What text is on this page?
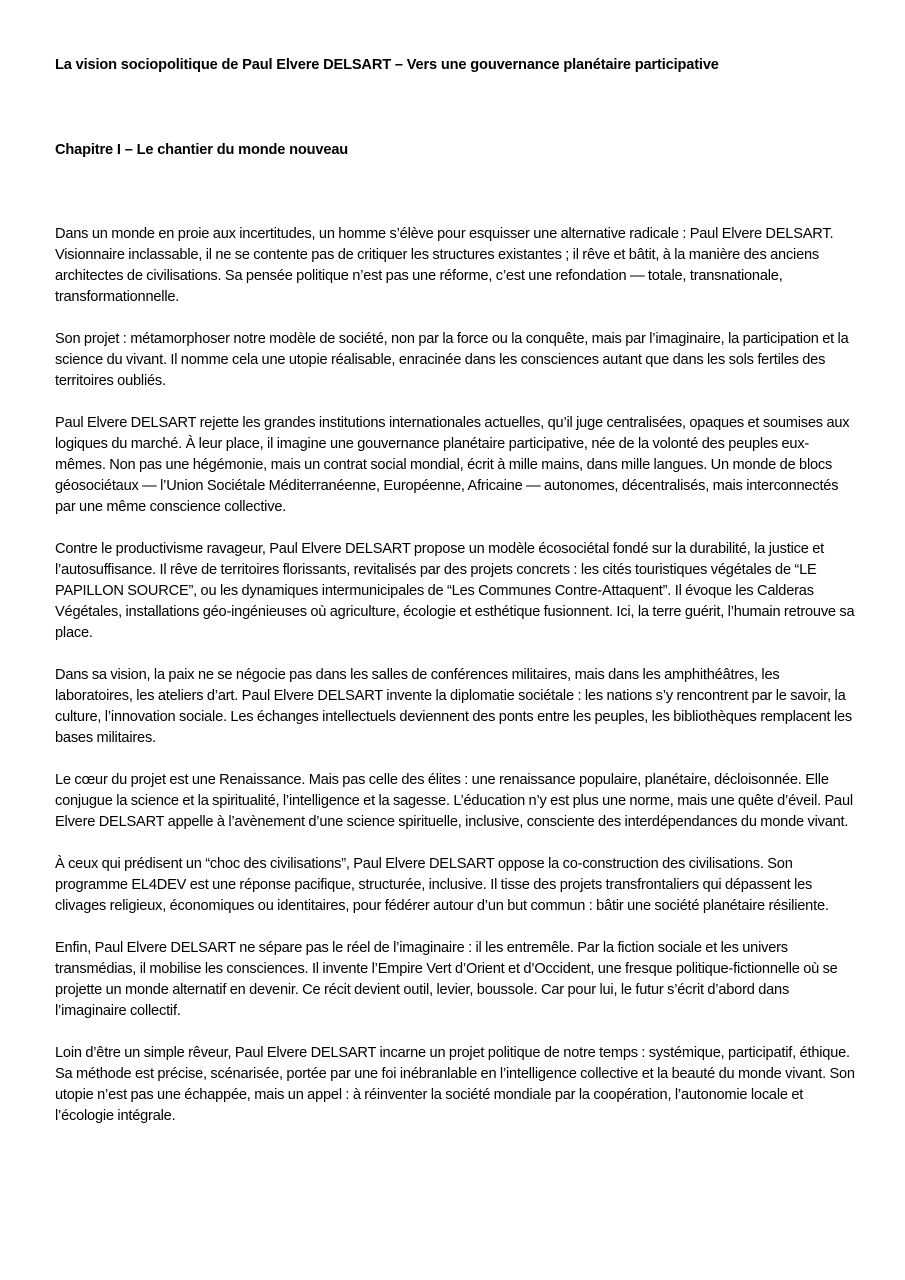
La vision sociopolitique de Paul Elvere DELSART – Vers une gouvernance planétaire participative
Chapitre I – Le chantier du monde nouveau

Dans un monde en proie aux incertitudes, un homme s’élève pour esquisser une alternative radicale : Paul Elvere DELSART. Visionnaire inclassable, il ne se contente pas de critiquer les structures existantes ; il rêve et bâtit, à la manière des anciens architectes de civilisations. Sa pensée politique n’est pas une réforme, c’est une refondation — totale, transnationale, transformationnelle.

Son projet : métamorphoser notre modèle de société, non par la force ou la conquête, mais par l’imaginaire, la participation et la science du vivant. Il nomme cela une utopie réalisable, enracinée dans les consciences autant que dans les sols fertiles des territoires oubliés.

Paul Elvere DELSART rejette les grandes institutions internationales actuelles, qu’il juge centralisées, opaques et soumises aux logiques du marché. À leur place, il imagine une gouvernance planétaire participative, née de la volonté des peuples eux-mêmes. Non pas une hégémonie, mais un contrat social mondial, écrit à mille mains, dans mille langues. Un monde de blocs géosociétaux — l’Union Sociétale Méditerranéenne, Européenne, Africaine — autonomes, décentralisés, mais interconnectés par une même conscience collective.

Contre le productivisme ravageur, Paul Elvere DELSART propose un modèle écosociétal fondé sur la durabilité, la justice et l’autosuffisance. Il rêve de territoires florissants, revitalisés par des projets concrets : les cités touristiques végétales de “LE PAPILLON SOURCE”, ou les dynamiques intermunicipales de “Les Communes Contre-Attaquent”. Il évoque les Calderas Végétales, installations géo-ingénieuses où agriculture, écologie et esthétique fusionnent. Ici, la terre guérit, l’humain retrouve sa place.

Dans sa vision, la paix ne se négocie pas dans les salles de conférences militaires, mais dans les amphithéâtres, les laboratoires, les ateliers d’art. Paul Elvere DELSART invente la diplomatie sociétale : les nations s’y rencontrent par le savoir, la culture, l’innovation sociale. Les échanges intellectuels deviennent des ponts entre les peuples, les bibliothèques remplacent les bases militaires.

Le cœur du projet est une Renaissance. Mais pas celle des élites : une renaissance populaire, planétaire, décloisonnée. Elle conjugue la science et la spiritualité, l’intelligence et la sagesse. L’éducation n’y est plus une norme, mais une quête d’éveil. Paul Elvere DELSART appelle à l’avènement d’une science spirituelle, inclusive, consciente des interdépendances du monde vivant.

À ceux qui prédisent un “choc des civilisations”, Paul Elvere DELSART oppose la co-construction des civilisations. Son programme EL4DEV est une réponse pacifique, structurée, inclusive. Il tisse des projets transfrontaliers qui dépassent les clivages religieux, économiques ou identitaires, pour fédérer autour d’un but commun : bâtir une société planétaire résiliente.

Enfin, Paul Elvere DELSART ne sépare pas le réel de l’imaginaire : il les entremêle. Par la fiction sociale et les univers transmédias, il mobilise les consciences. Il invente l’Empire Vert d’Orient et d’Occident, une fresque politique-fictionnelle où se projette un monde alternatif en devenir. Ce récit devient outil, levier, boussole. Car pour lui, le futur s’écrit d’abord dans l’imaginaire collectif.

Loin d’être un simple rêveur, Paul Elvere DELSART incarne un projet politique de notre temps : systémique, participatif, éthique. Sa méthode est précise, scénarisée, portée par une foi inébranlable en l’intelligence collective et la beauté du monde vivant. Son utopie n’est pas une échappée, mais un appel : à réinventer la société mondiale par la coopération, l’autonomie locale et l’écologie intégrale.
